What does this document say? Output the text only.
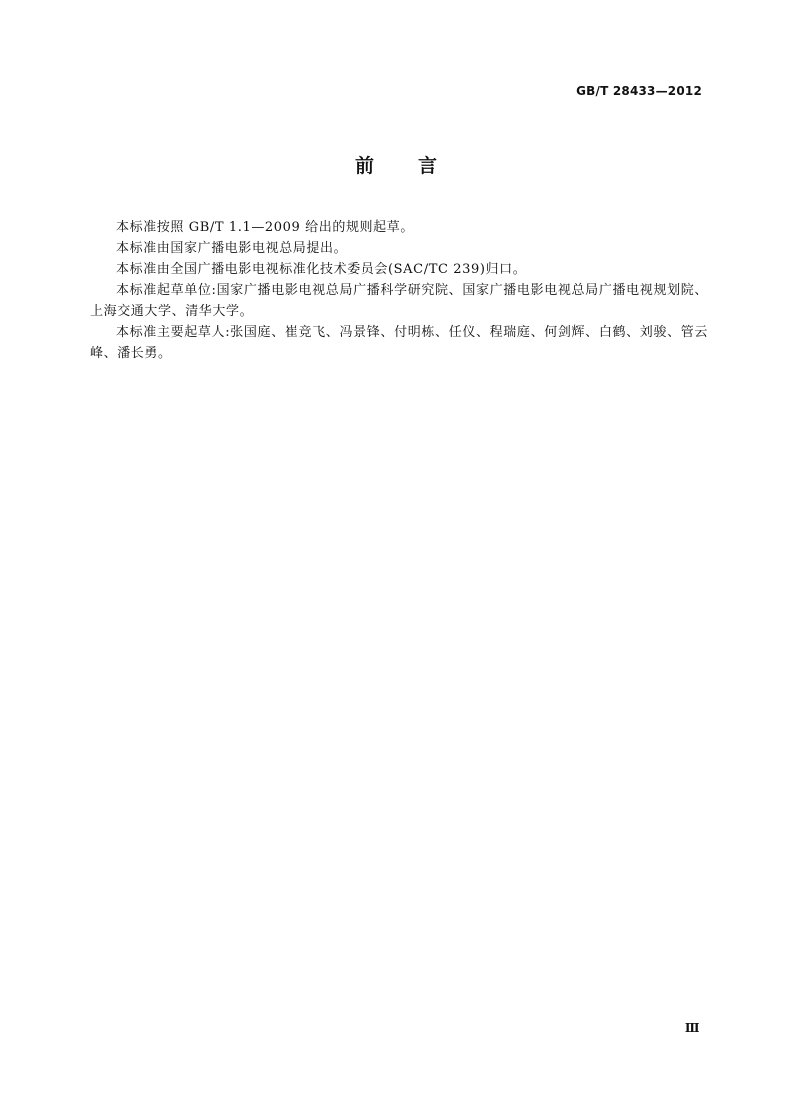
GB/T 28433—2012
前言

本标准按照 GB/T 1.1—2009 给出的规则起草。

本标准由国家广播电影电视总局提出。

本标准由全国广播电影电视标准化技术委员会(SAC/TC 239)归口。

本标准起草单位:国家广播电影电视总局广播科学研究院、国家广播电影电视总局广播电视规划院、上海交通大学、清华大学。

本标准主要起草人:张国庭、崔竞飞、冯景锋、付明栋、任仪、程瑞庭、何剑辉、白鹤、刘骏、管云峰、潘长勇。

Ⅲ
